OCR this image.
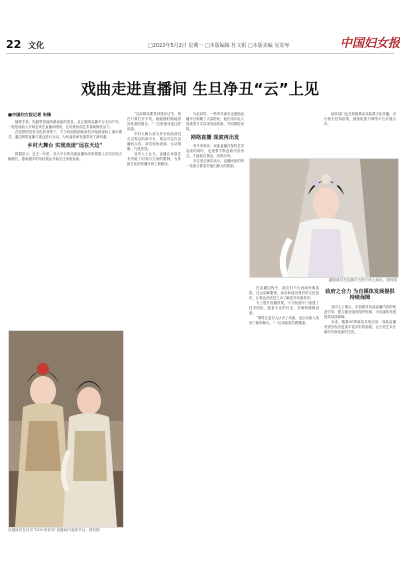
22 文化	□2022年5月2日 星期一 □本版编辑 杜文娟 □本版美编 吴炎岑	中国妇女报
戏曲走进直播间 生旦净丑“云”上见
■中国妇女报记者 朱锋

随着手机、电脑等智能终端设备的普及，从互联网直播平台走向户外，一批批戏曲人开始尝试在直播间唱戏，让传统戏曲艺术重新焕发活力。

在疫情防控常态化的背景下，不少戏曲院团和演员开始探索线上演出模式，通过网络直播与观众进行互动，为戏曲传承发展带来了新机遇。

乡村大舞台 实现戏迷“远在天边”

数据显示，过去一年里，各大平台的戏曲直播场次和观看人次均实现大幅增长，越来越多的年轻观众开始关注传统戏曲。

“以前唱戏要等到逢年过节，现在只要打开手机，就能随时随地看到喜欢的剧目。”一位资深戏迷这样说道。

乡村大舞台成为许多戏曲演员走近观众的新平台，观众可以在直播间点戏，演员现场表演，互动频繁、气氛热烈。

业内人士认为，直播让戏曲艺术突破了时间与空间的限制，为传统文化的传播开辟了新路径。

与此同时，一些青年演员也借助直播平台积累了大量粉丝，他们用年轻人喜欢的方式讲述戏曲故事，介绍唱腔身段。

网络直播 深度再出发

有专家指出，戏曲直播在保持艺术品质的同时，也需要不断创新内容形式，才能留住观众、培育市场。

多位受访演员表示，直播间里的每一条留言都是对他们最大的鼓励。

在直播过程中，演员们不仅表演经典选段，还会讲解服饰、妆容和道具背后的文化知识，让观众在欣赏之余了解更多戏曲常识。

为了提升直播效果，不少院团专门组建了技术团队，配备专业的灯光、音响和摄像设备。

“网络让更多人认识了戏曲，也让戏曲人找到了新的舞台。”一位戏曲演员感慨道。

政府部门也在积极推动戏曲数字化传播，出台相关扶持政策，鼓励院团与网络平台开展合作。

政府之合力 为自媒体发展提供持续保障

业内人士建议，应加强对戏曲直播内容的规范引导，建立健全版权保护机制，为自媒体发展提供持续保障。

未来，随着5G等新技术的应用，戏曲直播有望呈现出更加丰富多彩的面貌，让古老艺术在新时代焕发新的生机。

京剧演员在抖音“DOU有好戏”直播间内表演节目。资料图
越剧演员在直播平台进行线上演出。资料图
